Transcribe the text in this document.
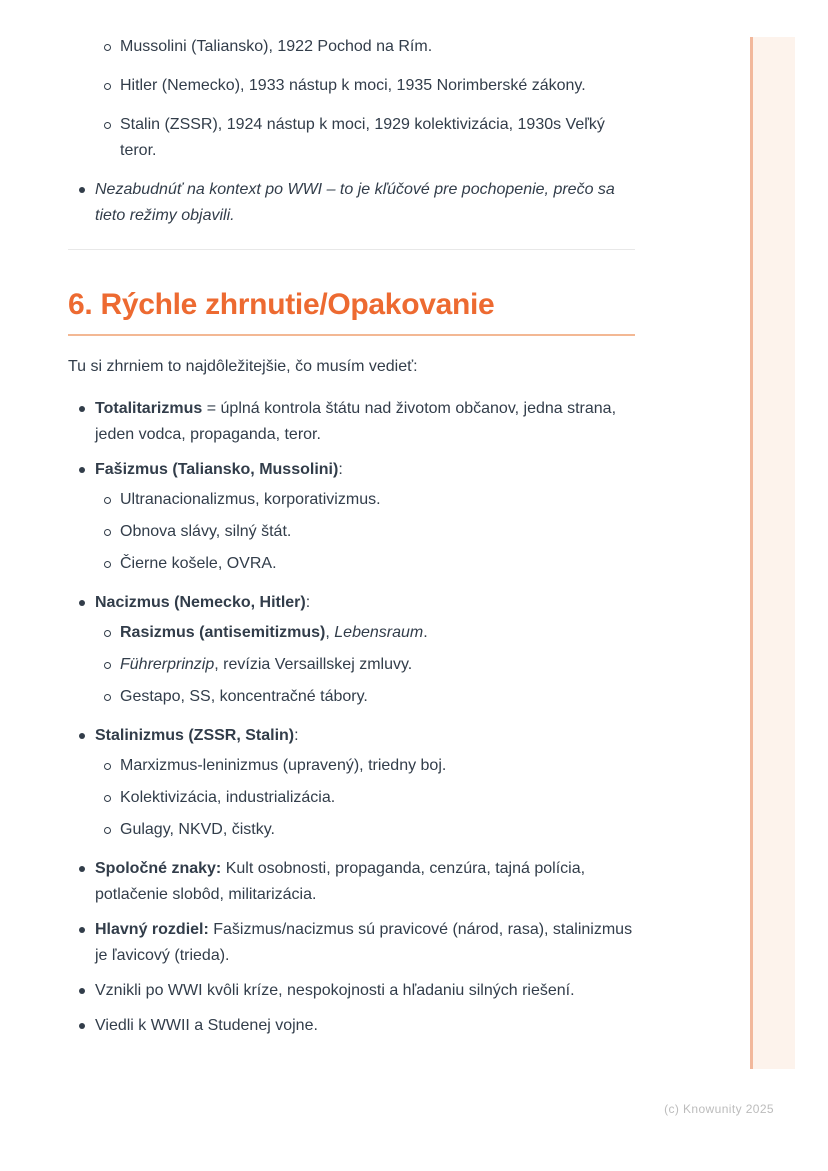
Mussolini (Taliansko), 1922 Pochod na Rím.
Hitler (Nemecko), 1933 nástup k moci, 1935 Norimberské zákony.
Stalin (ZSSR), 1924 nástup k moci, 1929 kolektivizácia, 1930s Veľký teror.
Nezabudnúť na kontext po WWI – to je kľúčové pre pochopenie, prečo sa tieto režimy objavili.
6. Rýchle zhrnutie/Opakovanie

Tu si zhrniem to najdôležitejšie, čo musím vedieť:

Totalitarizmus = úplná kontrola štátu nad životom občanov, jedna strana, jeden vodca, propaganda, teror.
Fašizmus (Taliansko, Mussolini):
Ultranacionalizmus, korporativizmus.
Obnova slávy, silný štát.
Čierne košele, OVRA.
Nacizmus (Nemecko, Hitler):
Rasizmus (antisemitizmus), Lebensraum.
Führerprinzip, revízia Versaillskej zmluvy.
Gestapo, SS, koncentračné tábory.
Stalinizmus (ZSSR, Stalin):
Marxizmus-leninizmus (upravený), triedny boj.
Kolektivizácia, industrializácia.
Gulagy, NKVD, čistky.
Spoločné znaky: Kult osobnosti, propaganda, cenzúra, tajná polícia, potlačenie slobôd, militarizácia.
Hlavný rozdiel: Fašizmus/nacizmus sú pravicové (národ, rasa), stalinizmus je ľavicový (trieda).
Vznikli po WWI kvôli kríze, nespokojnosti a hľadaniu silných riešení.
Viedli k WWII a Studenej vojne.
(c) Knowunity 2025
